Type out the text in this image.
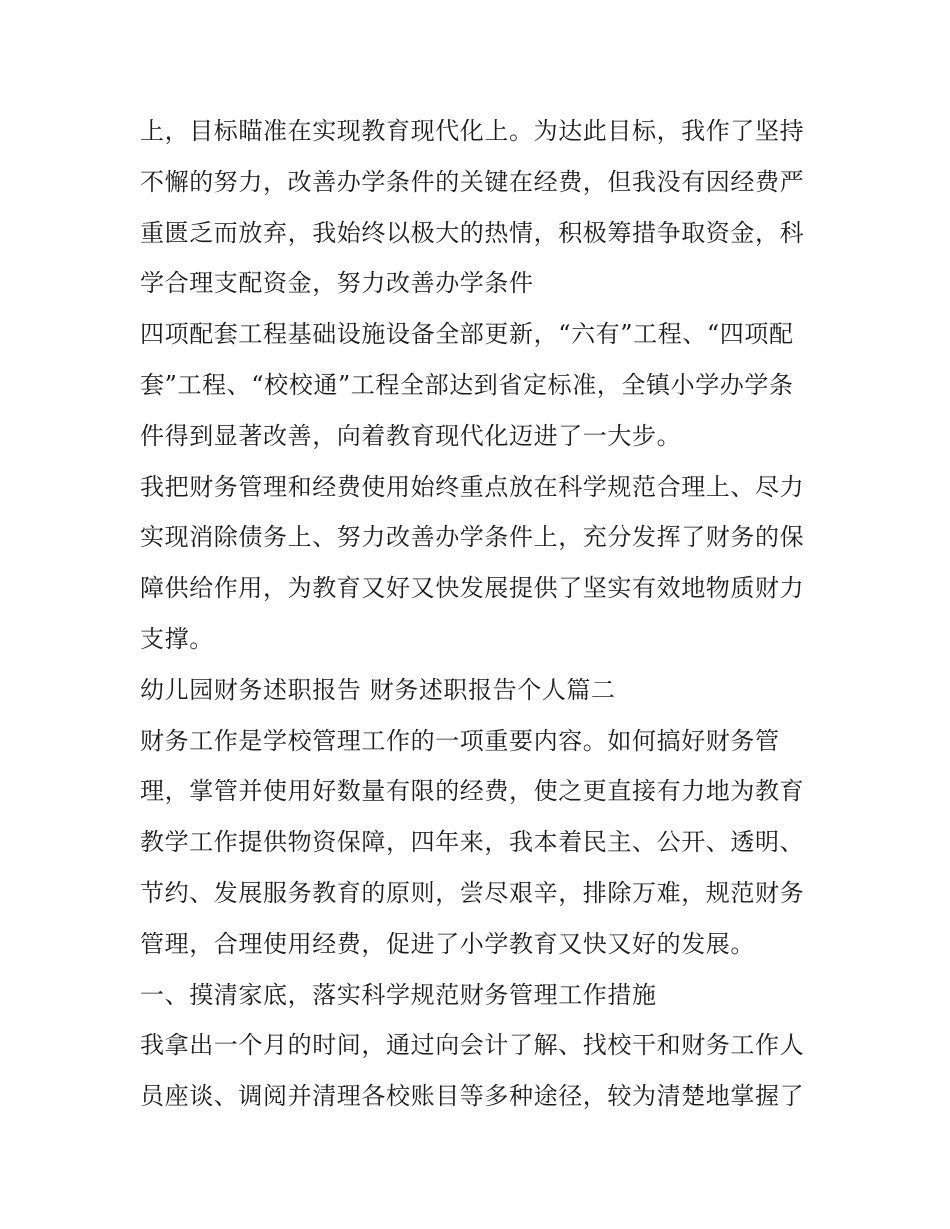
上，目标瞄准在实现教育现代化上。为达此目标，我作了坚持
不懈的努力，改善办学条件的关键在经费，但我没有因经费严
重匮乏而放弃，我始终以极大的热情，积极筹措争取资金，科
学合理支配资金，努力改善办学条件
四项配套工程基础设施设备全部更新，“六有”工程、“四项配
套”工程、“校校通”工程全部达到省定标准，全镇小学办学条
件得到显著改善，向着教育现代化迈进了一大步。
我把财务管理和经费使用始终重点放在科学规范合理上、尽力
实现消除债务上、努力改善办学条件上，充分发挥了财务的保
障供给作用，为教育又好又快发展提供了坚实有效地物质财力
支撑。
幼儿园财务述职报告 财务述职报告个人篇二
财务工作是学校管理工作的一项重要内容。如何搞好财务管
理，掌管并使用好数量有限的经费，使之更直接有力地为教育
教学工作提供物资保障，四年来，我本着民主、公开、透明、
节约、发展服务教育的原则，尝尽艰辛，排除万难，规范财务
管理，合理使用经费，促进了小学教育又快又好的发展。
一、摸清家底，落实科学规范财务管理工作措施
我拿出一个月的时间，通过向会计了解、找校干和财务工作人
员座谈、调阅并清理各校账目等多种途径，较为清楚地掌握了
